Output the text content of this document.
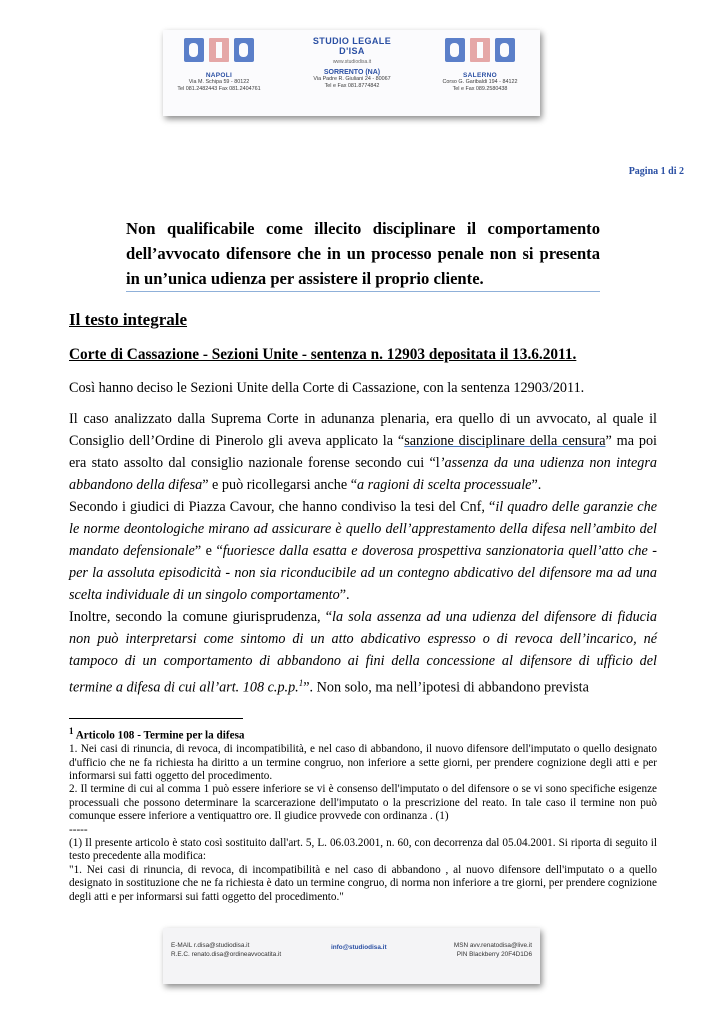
NAPOLI
Via M. Schipa 59 - 80122
Tel 081.2482443 Fax 081.2404761
STUDIO LEGALE
D'ISA
www.studiodisa.it
SORRENTO (NA)
Via Padre R. Giuliani 24 - 80067
Tel e Fax 081.8774842
SALERNO
Corso G. Garibaldi 194 - 84122
Tel e Fax 089.2580438
Pagina 1 di 2
Non qualificabile come illecito disciplinare il comportamento dell’avvocato difensore che in un processo penale non si presenta in un’unica udienza per assistere il proprio cliente.
Il testo integrale
Corte di Cassazione - Sezioni Unite - sentenza n. 12903 depositata il 13.6.2011.
Così hanno deciso le Sezioni Unite della Corte di Cassazione, con la sentenza 12903/2011.
Il caso analizzato dalla Suprema Corte in adunanza plenaria, era quello di un avvocato, al quale il Consiglio dell’Ordine di Pinerolo gli aveva applicato la “sanzione disciplinare della censura” ma poi era stato assolto dal consiglio nazionale forense secondo cui “l’assenza da una udienza non integra abbandono della difesa” e può ricollegarsi anche “a ragioni di scelta processuale”.
Secondo i giudici di Piazza Cavour, che hanno condiviso la tesi del Cnf, “il quadro delle garanzie che le norme deontologiche mirano ad assicurare è quello dell’apprestamento della difesa nell’ambito del mandato defensionale” e “fuoriesce dalla esatta e doverosa prospettiva sanzionatoria quell’atto che - per la assoluta episodicità - non sia riconducibile ad un contegno abdicativo del difensore ma ad una scelta individuale di un singolo comportamento”.
Inoltre, secondo la comune giurisprudenza, “la sola assenza ad una udienza del difensore di fiducia non può interpretarsi come sintomo di un atto abdicativo espresso o di revoca dell’incarico, né tampoco di un comportamento di abbandono ai fini della concessione al difensore di ufficio del termine a difesa di cui all’art. 108 c.p.p.$^1$”. Non solo, ma nell’ipotesi di abbandono prevista

$^1$ Articolo 108 - Termine per la difesa

1. Nei casi di rinuncia, di revoca, di incompatibilità, e nel caso di abbandono, il nuovo difensore dell'imputato o quello designato d'ufficio che ne fa richiesta ha diritto a un termine congruo, non inferiore a sette giorni, per prendere cognizione degli atti e per informarsi sui fatti oggetto del procedimento.

2. Il termine di cui al comma 1 può essere inferiore se vi è consenso dell'imputato o del difensore o se vi sono specifiche esigenze processuali che possono determinare la scarcerazione dell'imputato o la prescrizione del reato. In tale caso il termine non può comunque essere inferiore a ventiquattro ore. Il giudice provvede con ordinanza . (1)

-----

(1) Il presente articolo è stato così sostituito dall'art. 5, L. 06.03.2001, n. 60, con decorrenza dal 05.04.2001. Si riporta di seguito il testo precedente alla modifica:

"1. Nei casi di rinuncia, di revoca, di incompatibilità e nel caso di abbandono , al nuovo difensore dell'imputato o a quello designato in sostituzione che ne fa richiesta è dato un termine congruo, di norma non inferiore a tre giorni, per prendere cognizione degli atti e per informarsi sui fatti oggetto del procedimento."

E-MAIL r.disa@studiodisa.it
R.E.C. renato.disa@ordineavvocatita.it
info@studiodisa.it	MSN avv.renatodisa@live.it
PIN Blackberry 20F4D1D6
